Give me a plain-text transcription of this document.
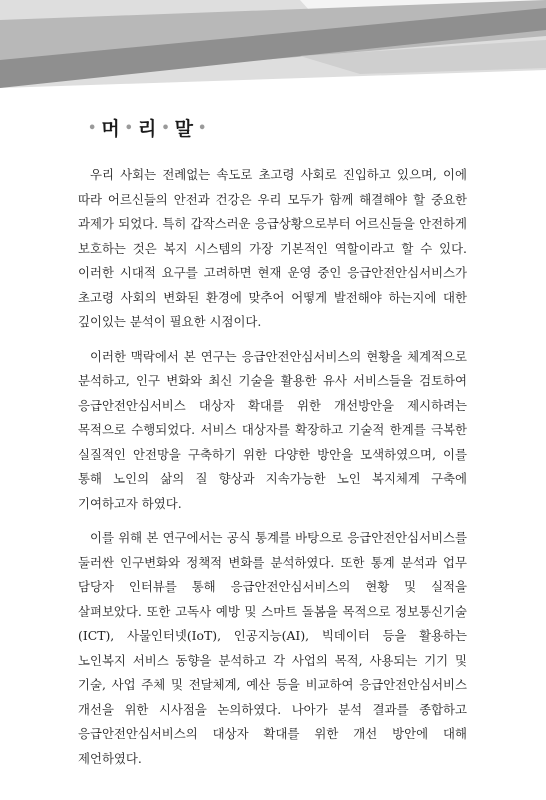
• 머 • 리 • 말 •

우리 사회는 전례없는 속도로 초고령 사회로 진입하고 있으며, 이에 따라 어르신들의 안전과 건강은 우리 모두가 함께 해결해야 할 중요한 과제가 되었다. 특히 갑작스러운 응급상황으로부터 어르신들을 안전하게 보호하는 것은 복지 시스템의 가장 기본적인 역할이라고 할 수 있다. 이러한 시대적 요구를 고려하면 현재 운영 중인 응급안전안심서비스가 초고령 사회의 변화된 환경에 맞추어 어떻게 발전해야 하는지에 대한 깊이있는 분석이 필요한 시점이다.

이러한 맥락에서 본 연구는 응급안전안심서비스의 현황을 체계적으로 분석하고, 인구 변화와 최신 기술을 활용한 유사 서비스들을 검토하여 응급안전안심서비스 대상자 확대를 위한 개선방안을 제시하려는 목적으로 수행되었다. 서비스 대상자를 확장하고 기술적 한계를 극복한 실질적인 안전망을 구축하기 위한 다양한 방안을 모색하였으며, 이를 통해 노인의 삶의 질 향상과 지속가능한 노인 복지체계 구축에 기여하고자 하였다.

이를 위해 본 연구에서는 공식 통계를 바탕으로 응급안전안심서비스를 둘러싼 인구변화와 정책적 변화를 분석하였다. 또한 통계 분석과 업무 담당자 인터뷰를 통해 응급안전안심서비스의 현황 및 실적을 살펴보았다. 또한 고독사 예방 및 스마트 돌봄을 목적으로 정보통신기술(ICT), 사물인터넷(IoT), 인공지능(AI), 빅데이터 등을 활용하는 노인복지 서비스 동향을 분석하고 각 사업의 목적, 사용되는 기기 및 기술, 사업 주체 및 전달체계, 예산 등을 비교하여 응급안전안심서비스 개선을 위한 시사점을 논의하였다. 나아가 분석 결과를 종합하고 응급안전안심서비스의 대상자 확대를 위한 개선 방안에 대해 제언하였다.
